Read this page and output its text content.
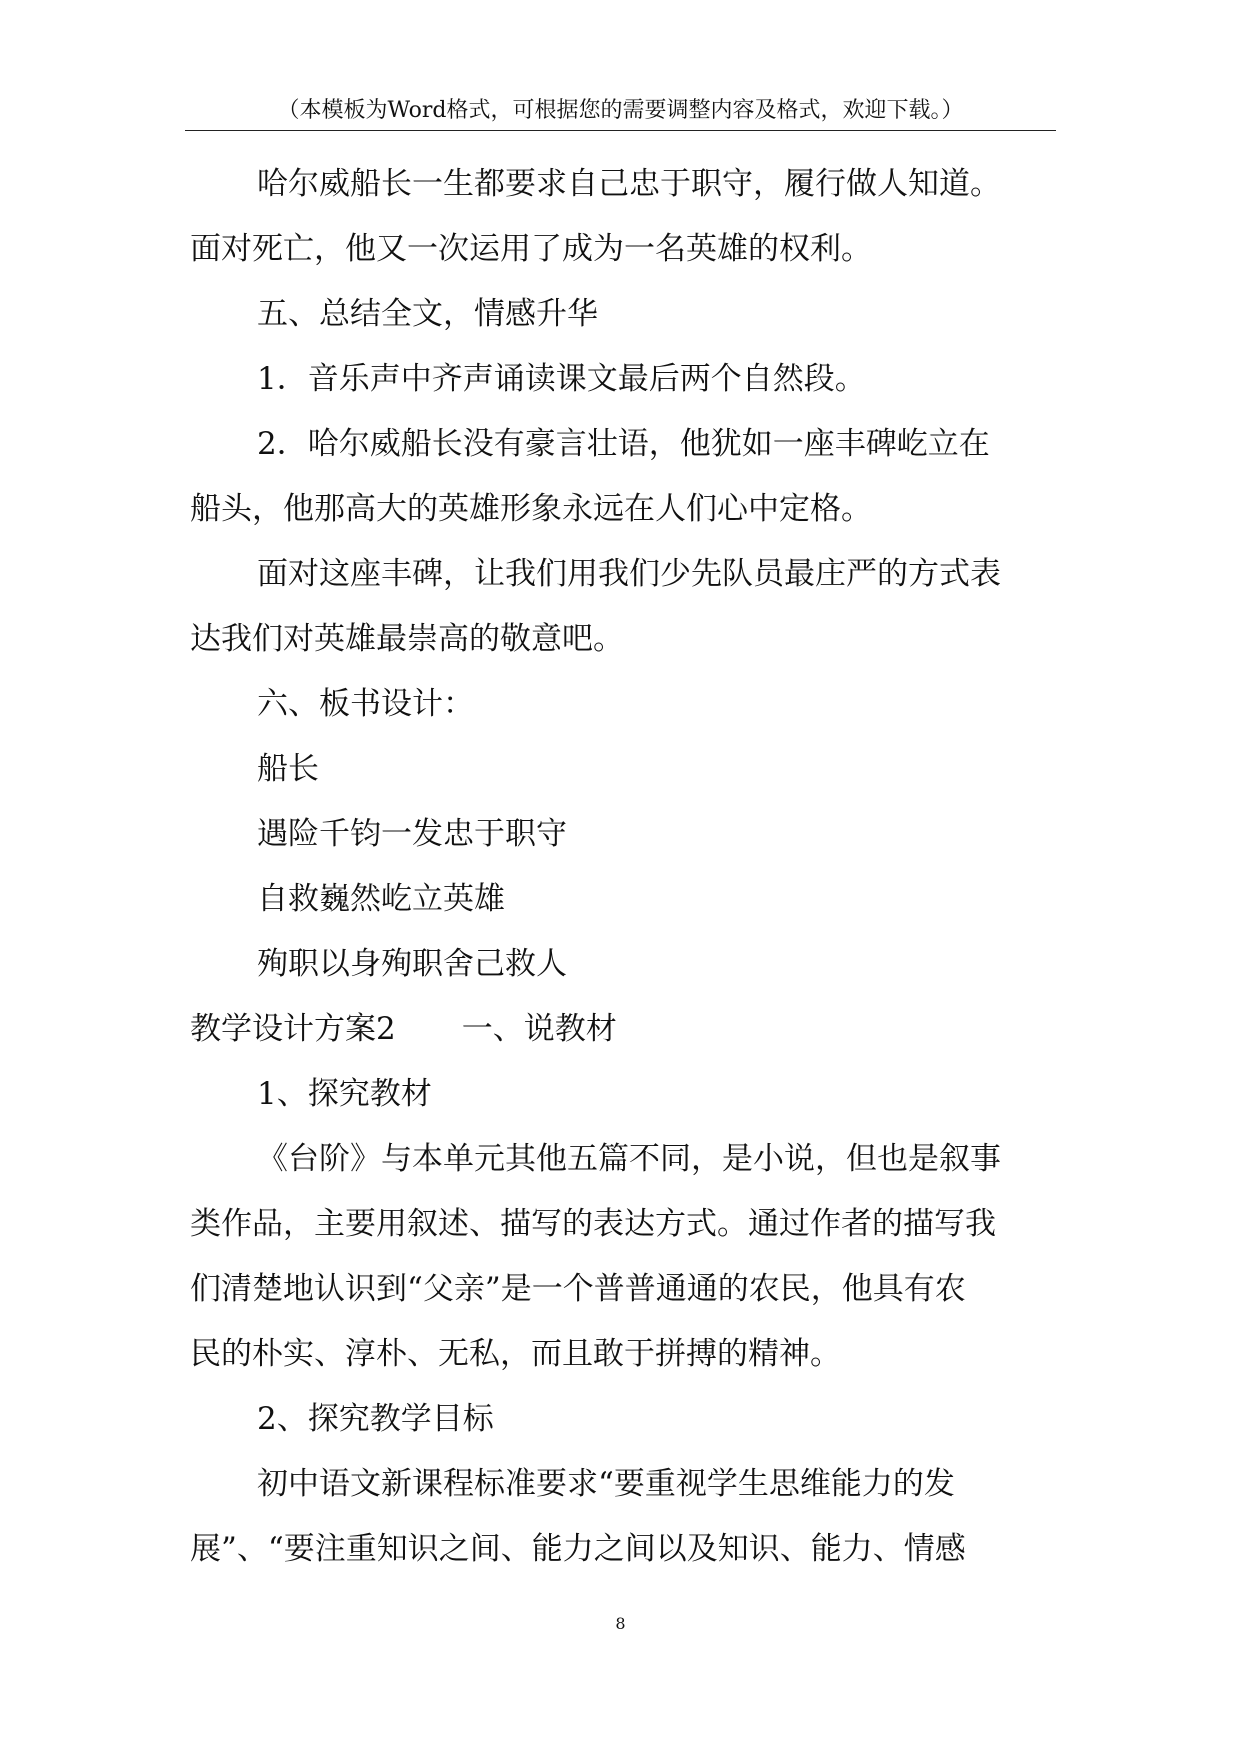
（本模板为Word格式，可根据您的需要调整内容及格式，欢迎下载。）
哈尔威船长一生都要求自己忠于职守，履行做人知道。
面对死亡，他又一次运用了成为一名英雄的权利。
五、总结全文，情感升华
1．音乐声中齐声诵读课文最后两个自然段。
2．哈尔威船长没有豪言壮语，他犹如一座丰碑屹立在
船头，他那高大的英雄形象永远在人们心中定格。
面对这座丰碑，让我们用我们少先队员最庄严的方式表
达我们对英雄最崇高的敬意吧。
六、板书设计：
船长
遇险千钧一发忠于职守
自救巍然屹立英雄
殉职以身殉职舍己救人
教学设计方案2 一、说教材
1、探究教材
《台阶》与本单元其他五篇不同，是小说，但也是叙事
类作品，主要用叙述、描写的表达方式。通过作者的描写我
们清楚地认识到“父亲”是一个普普通通的农民，他具有农
民的朴实、淳朴、无私，而且敢于拼搏的精神。
2、探究教学目标
初中语文新课程标准要求“要重视学生思维能力的发
展”、“要注重知识之间、能力之间以及知识、能力、情感
8
